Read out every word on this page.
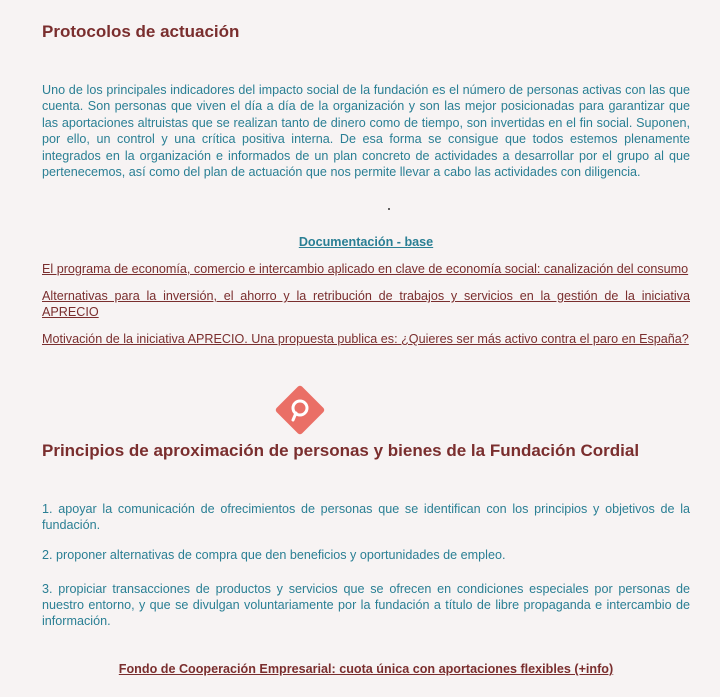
Protocolos de actuación

Uno de los principales indicadores del impacto social de la fundación es el número de personas activas con las que cuenta. Son personas que viven el día a día de la organización y son las mejor posicionadas para garantizar que las aportaciones altruistas que se realizan tanto de dinero como de tiempo, son invertidas en el fin social. Suponen, por ello, un control y una crítica positiva interna. De esa forma se consigue que todos estemos plenamente integrados en la organización e informados de un plan concreto de actividades a desarrollar por el grupo al que pertenecemos, así como del plan de actuación que nos permite llevar a cabo las actividades con diligencia.

Documentación - base
El programa de economía, comercio e intercambio aplicado en clave de economía social: canalización del consumo
Alternativas para la inversión, el ahorro y la retribución de trabajos y servicios en la gestión de la iniciativa APRECIO
Motivación de la iniciativa APRECIO. Una propuesta publica es: ¿Quieres ser más activo contra el paro en España?
Principios de aproximación de personas y bienes de la Fundación Cordial
1. apoyar la comunicación de ofrecimientos de personas que se identifican con los principios y objetivos de la fundación.
2. proponer alternativas de compra que den beneficios y oportunidades de empleo.
3. propiciar transacciones de productos y servicios que se ofrecen en condiciones especiales por personas de nuestro entorno, y que se divulgan voluntariamente por la fundación a título de libre propaganda e intercambio de información.
Fondo de Cooperación Empresarial: cuota única con aportaciones flexibles (+info)
